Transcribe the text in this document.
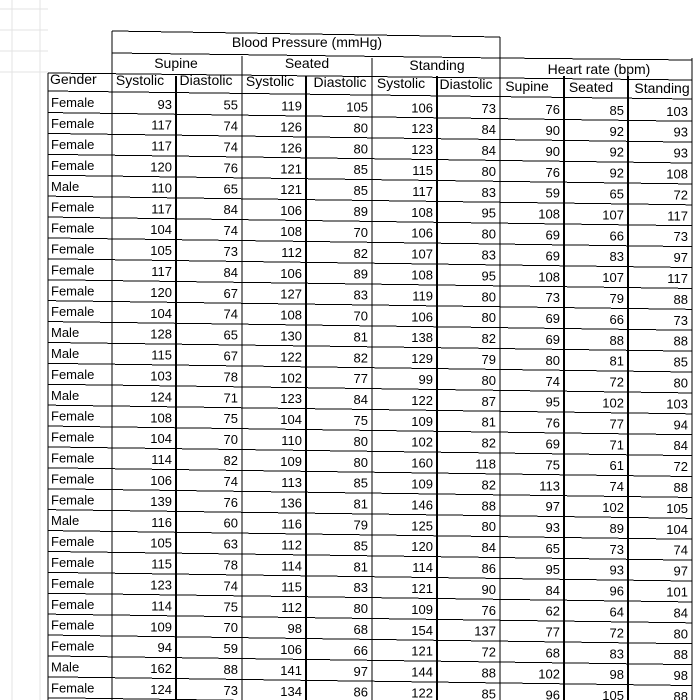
Blood Pressure (mmHg)
Supine	Seated	Standing	Heart rate (bpm)
Gender Systolic Diastolic Systolic Diastolic Systolic Diastolic Supine Seated Standing
Female	93	55	119	105	106	73	76	85	103
Female	117	74	126	80	123	84	90	92	93
Female	117	74	126	80	123	84	90	92	93
Female	120	76	121	85	115	80	76	92	108
Male	110	65	121	85	117	83	59	65	72
Female	117	84	106	89	108	95	108	107	117
Female	104	74	108	70	106	80	69	66	73
Female	105	73	112	82	107	83	69	83	97
Female	117	84	106	89	108	95	108	107	117
Female	120	67	127	83	119	80	73	79	88
Female	104	74	108	70	106	80	69	66	73
Male	128	65	130	81	138	82	69	88	88
Male	115	67	122	82	129	79	80	81	85
Female	103	78	102	77	99	80	74	72	80
Male	124	71	123	84	122	87	95	102	103
Female	108	75	104	75	109	81	76	77	94
Female	104	70	110	80	102	82	69	71	84
Female	114	82	109	80	160	118	75	61	72
Female	106	74	113	85	109	82	113	74	88
Female	139	76	136	81	146	88	97	102	105
Male	116	60	116	79	125	80	93	89	104
Female	105	63	112	85	120	84	65	73	74
Female	115	78	114	81	114	86	95	93	97
Female	123	74	115	83	121	90	84	96	101
Female	114	75	112	80	109	76	62	64	84
Female	109	70	98	68	154	137	77	72	80
Female	94	59	106	66	121	72	68	83	88
Male	162	88	141	97	144	88	102	98	98
Female	124	73	134	86	122	85	96	105	88
